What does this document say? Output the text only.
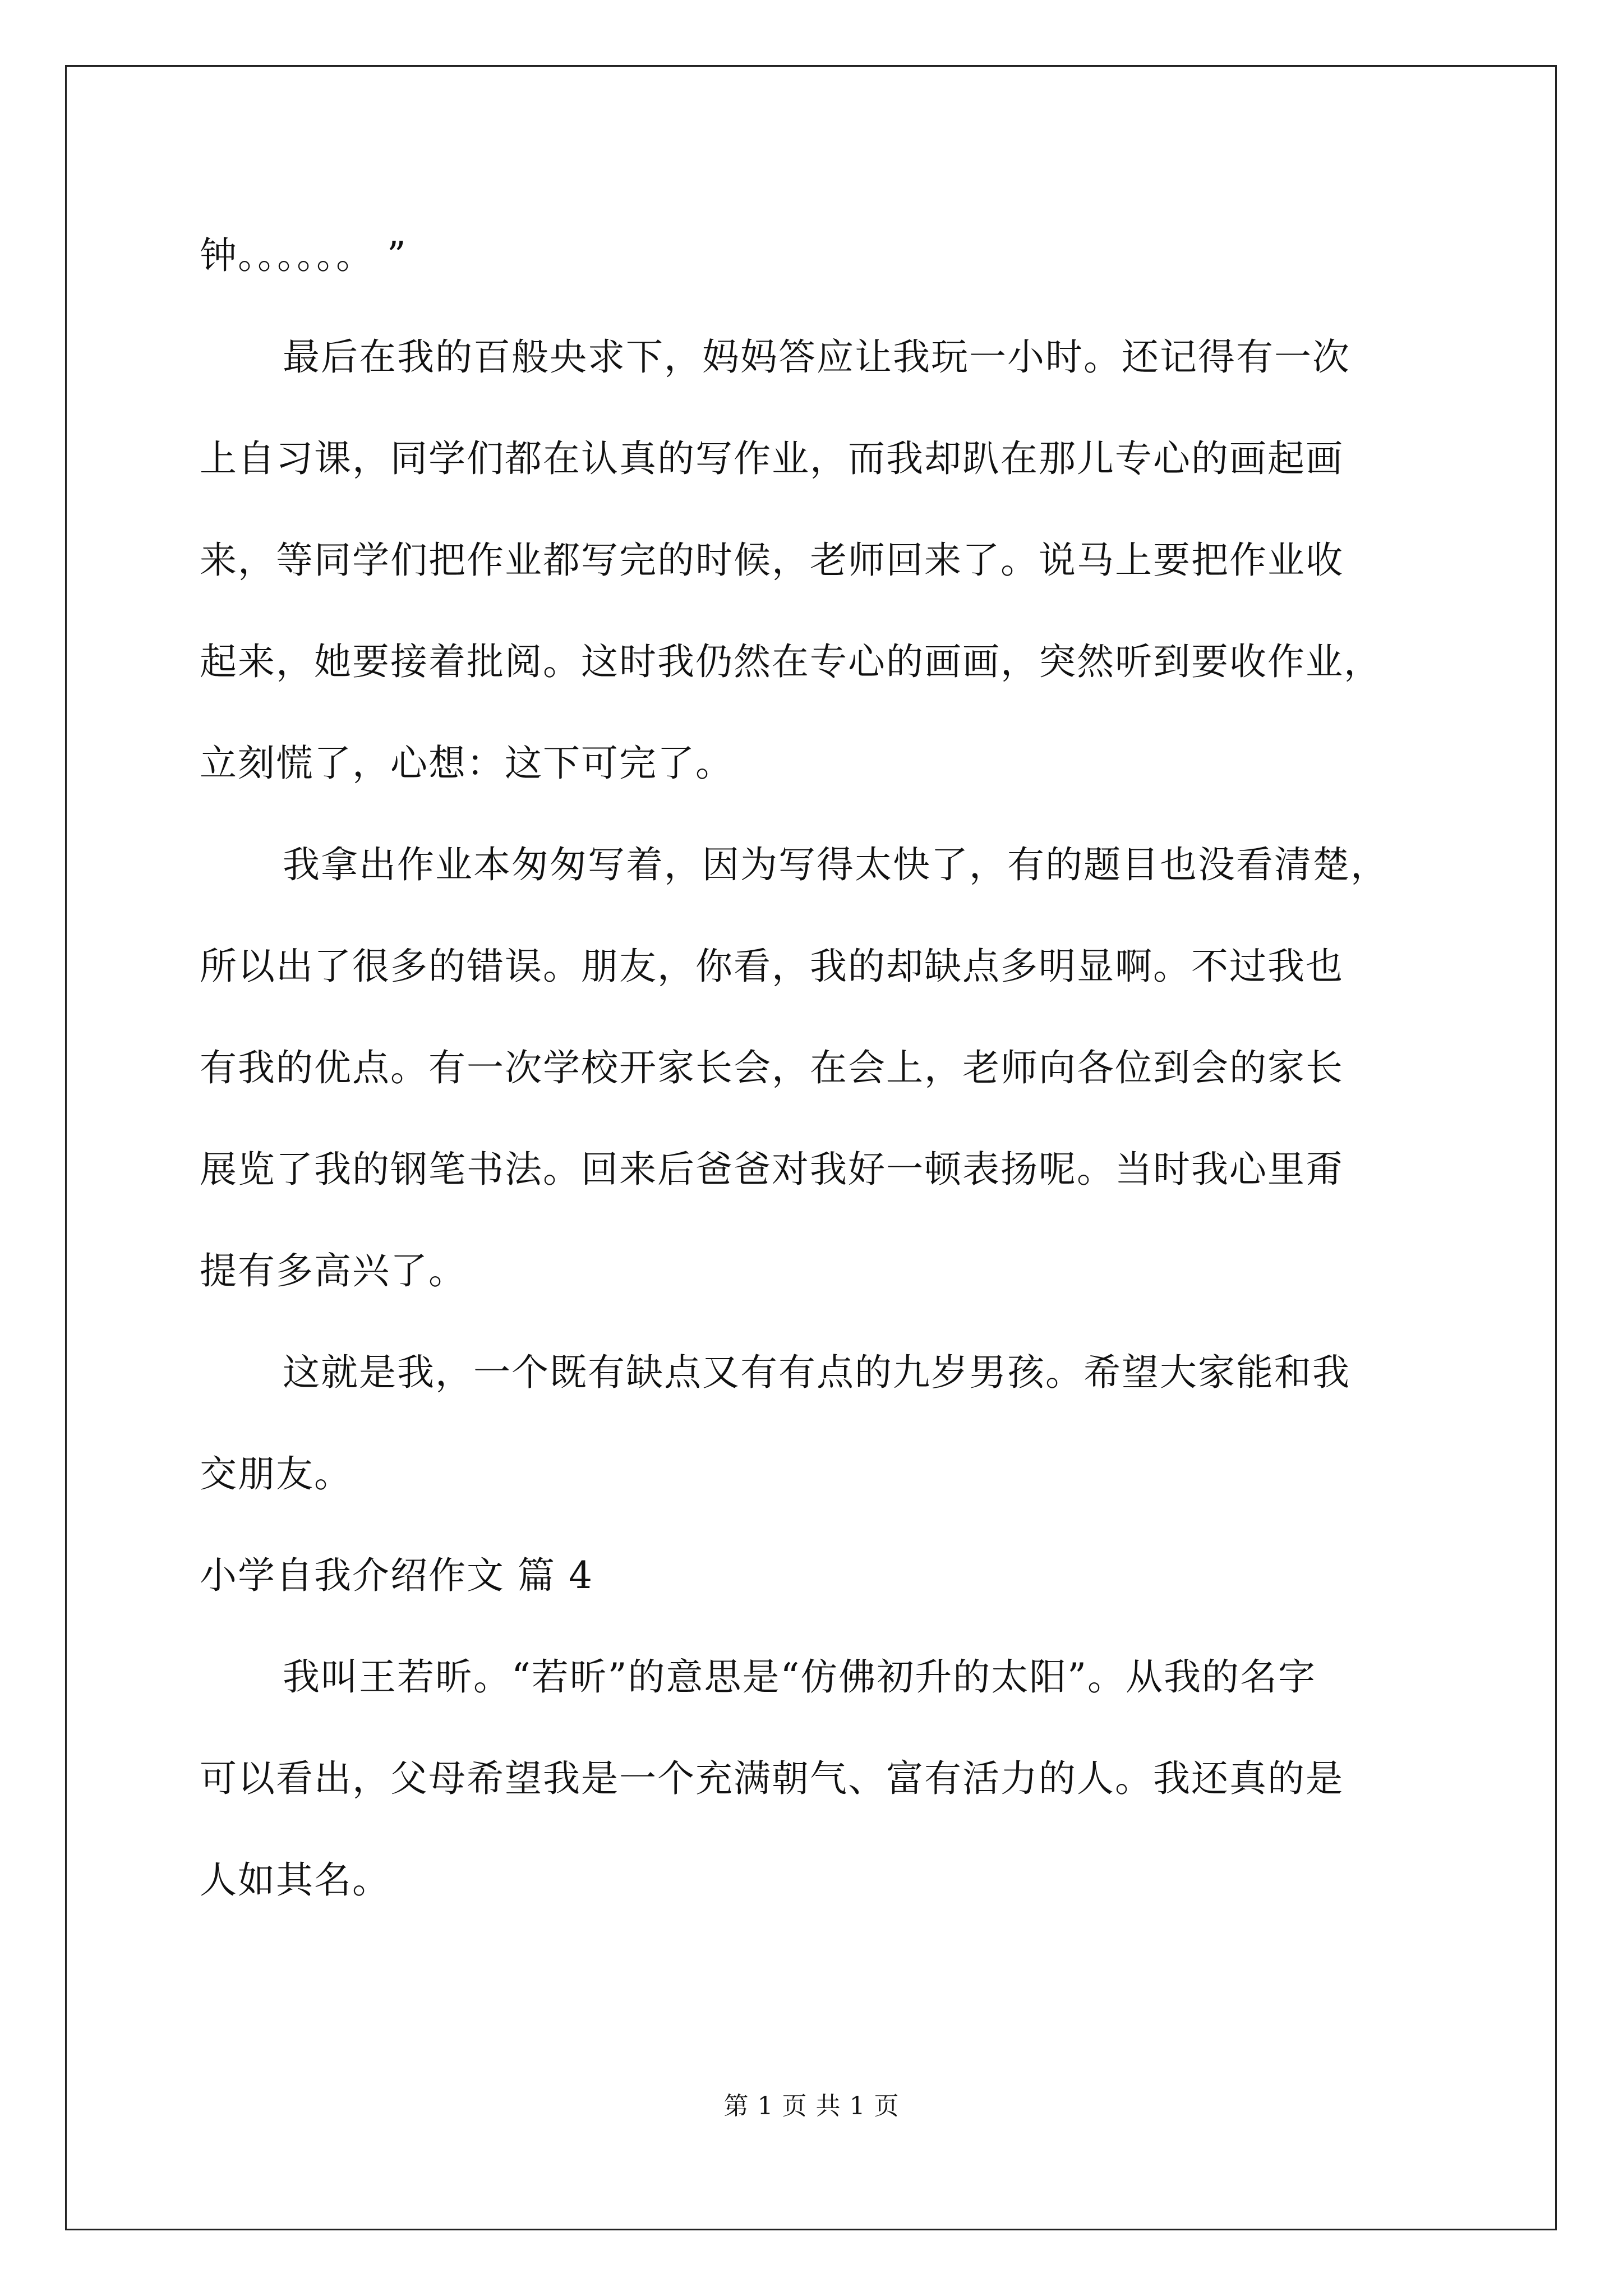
钟。。。。。。 ”
最后在我的百般央求下，妈妈答应让我玩一小时。还记得有一次
上自习课，同学们都在认真的写作业，而我却趴在那儿专心的画起画
来，等同学们把作业都写完的时候，老师回来了。说马上要把作业收
起来，她要接着批阅。这时我仍然在专心的画画，突然听到要收作业，
立刻慌了，心想：这下可完了。
我拿出作业本匆匆写着，因为写得太快了，有的题目也没看清楚，
所以出了很多的错误。朋友，你看，我的却缺点多明显啊。不过我也
有我的优点。有一次学校开家长会，在会上，老师向各位到会的家长
展览了我的钢笔书法。回来后爸爸对我好一顿表扬呢。当时我心里甭
提有多高兴了。
这就是我，一个既有缺点又有有点的九岁男孩。希望大家能和我
交朋友。
小学自我介绍作文 篇 4
我叫王若昕。“若昕”的意思是“仿佛初升的太阳”。从我的名字
可以看出，父母希望我是一个充满朝气、富有活力的人。我还真的是
人如其名。
第 1 页 共 1 页
